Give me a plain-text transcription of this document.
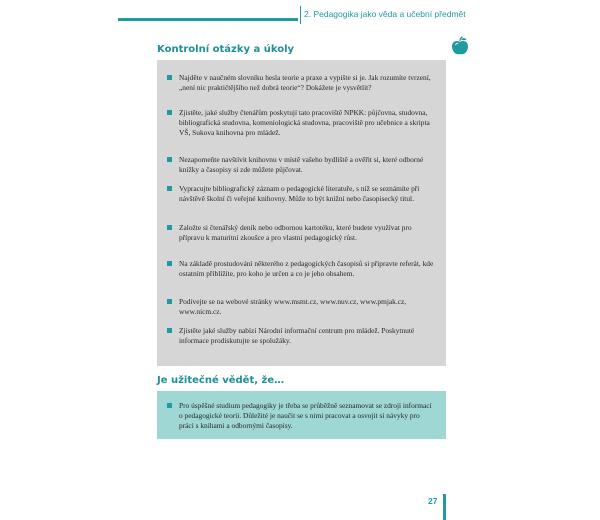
2. Pedagogika jako věda a učební předmět
Kontrolní otázky a úkoly
Najděte v naučném slovníku hesla teorie a praxe a vypište si je. Jak rozumíte tvrzení, „není nic praktičtějšího než dobrá teorie“? Dokážete je vysvětlit?
Zjistěte, jaké služby čtenářům poskytují tato pracoviště NPKK: půjčovna, studovna, bibliografická studovna, komeniologická studovna, pracoviště pro učebnice a skripta VŠ, Sukova knihovna pro mládež.
Nezapomeňte navštívit knihovnu v místě vašeho bydliště a ověřit si, které odborné knížky a časopisy si zde můžete půjčovat.
Vypracujte bibliografický záznam o pedagogické literatuře, s níž se seznámíte při návštěvě školní či veřejné knihovny. Může to být knižní nebo časopisecký titul.
Založte si čtenářský deník nebo odbornou kartotéku, které budete využívat pro přípravu k maturitní zkoušce a pro vlastní pedagogický růst.
Na základě prostudování některého z pedagogických časopisů si připravte referát, kde ostatním přiblížíte, pro koho je určen a co je jeho obsahem.
Podívejte se na webové stránky www.msmt.cz, www.nuv.cz, www.pmjak.cz, www.nicm.cz.
Zjistěte jaké služby nabízí Národní informační centrum pro mládež. Poskytnuté informace prodiskutujte se spolužáky.
Je užitečné vědět, že…
Pro úspěšné studium pedagogiky je třeba se průběžně seznamovat se zdroji informací o pedagogické teorii. Důležité je naučit se s nimi pracovat a osvojit si návyky pro práci s knihami a odbornými časopisy.
27
